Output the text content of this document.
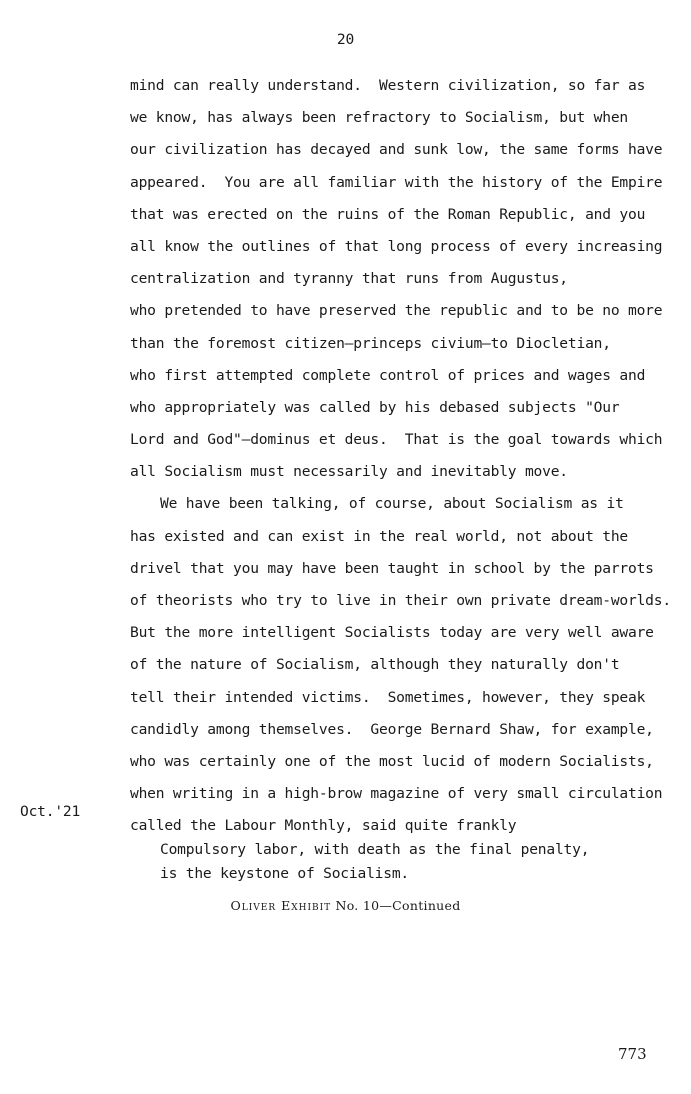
20
mind can really understand.  Western civilization, so far as
we know, has always been refractory to Socialism, but when
our civilization has decayed and sunk low, the same forms have
appeared.  You are all familiar with the history of the Empire
that was erected on the ruins of the Roman Republic, and you
all know the outlines of that long process of every increasing
centralization and tyranny that runs from Augustus,
who pretended to have preserved the republic and to be no more
than the foremost citizen—princeps civium—to Diocletian,
who first attempted complete control of prices and wages and
who appropriately was called by his debased subjects "Our
Lord and God"—dominus et deus.  That is the goal towards which
all Socialism must necessarily and inevitably move.
We have been talking, of course, about Socialism as it
has existed and can exist in the real world, not about the
drivel that you may have been taught in school by the parrots
of theorists who try to live in their own private dream-worlds.
But the more intelligent Socialists today are very well aware
of the nature of Socialism, although they naturally don't
tell their intended victims.  Sometimes, however, they speak
candidly among themselves.  George Bernard Shaw, for example,
who was certainly one of the most lucid of modern Socialists,
when writing in a high-brow magazine of very small circulation
called the Labour Monthly, said quite frankly
Oct.'21
Compulsory labor, with death as the final penalty,
is the keystone of Socialism.
Oliver Exhibit No. 10—Continued
773
